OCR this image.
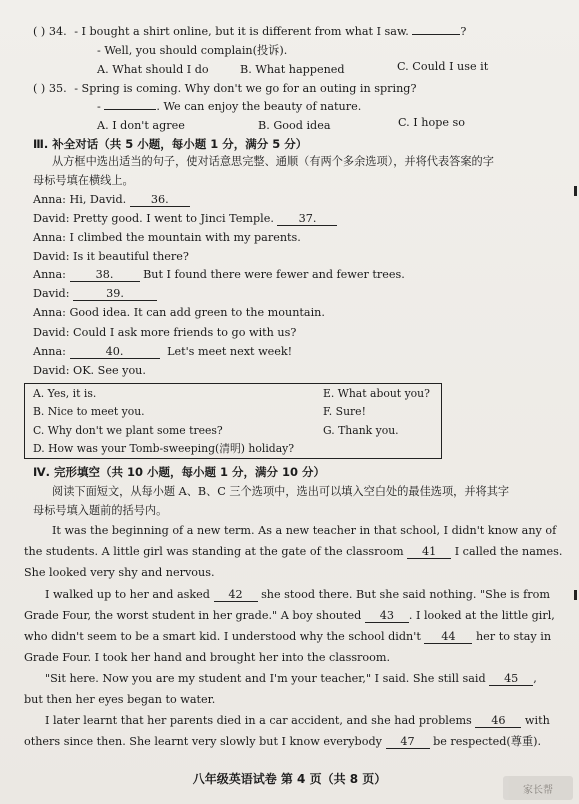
( ) 34. - I bought a shirt online, but it is different from what I saw.	?
- Well, you should complain(投诉).
A. What should I do	B. What happened	C. Could I use it
( ) 35. - Spring is coming. Why don't we go for an outing in spring?
-	. We can enjoy the beauty of nature.
A. I don't agree	B. Good idea	C. I hope so
Ⅲ. 补全对话（共 5 小题，每小题 1 分，满分 5 分）
从方框中选出适当的句子，使对话意思完整、通顺（有两个多余选项），并将代表答案的字
母标号填在横线上。
Anna: Hi, David. 36.
David: Pretty good. I went to Jinci Temple. 37.
Anna: I climbed the mountain with my parents.
David: Is it beautiful there?
Anna:	38.	But I found there were fewer and fewer trees.
David:	39.
Anna: Good idea. It can add green to the mountain.
David: Could I ask more friends to go with us?
Anna:	40.	Let's meet next week!
David: OK. See you.
A. Yes, it is.
B. Nice to meet you.
C. Why don't we plant some trees?
D. How was your Tomb-sweeping(清明) holiday?
E. What about you?
F. Sure!
G. Thank you.
Ⅳ. 完形填空（共 10 小题，每小题 1 分，满分 10 分）
阅读下面短文，从每小题 A、B、C 三个选项中，选出可以填入空白处的最佳选项，并将其字
母标号填入题前的括号内。
It was the beginning of a new term. As a new teacher in that school, I didn't know any of
the students. A little girl was standing at the gate of the classroom 41 I called the names.
She looked very shy and nervous.
I walked up to her and asked 42 she stood there. But she said nothing. "She is from
Grade Four, the worst student in her grade." A boy shouted 43 . I looked at the little girl,
who didn't seem to be a smart kid. I understood why the school didn't 44 her to stay in
Grade Four. I took her hand and brought her into the classroom.
"Sit here. Now you are my student and I'm your teacher," I said. She still said 45 ,
but then her eyes began to water.
I later learnt that her parents died in a car accident, and she had problems 46 with
others since then. She learnt very slowly but I know everybody 47 be respected(尊重).
八年级英语试卷 第 4 页（共 8 页）
家长帮
